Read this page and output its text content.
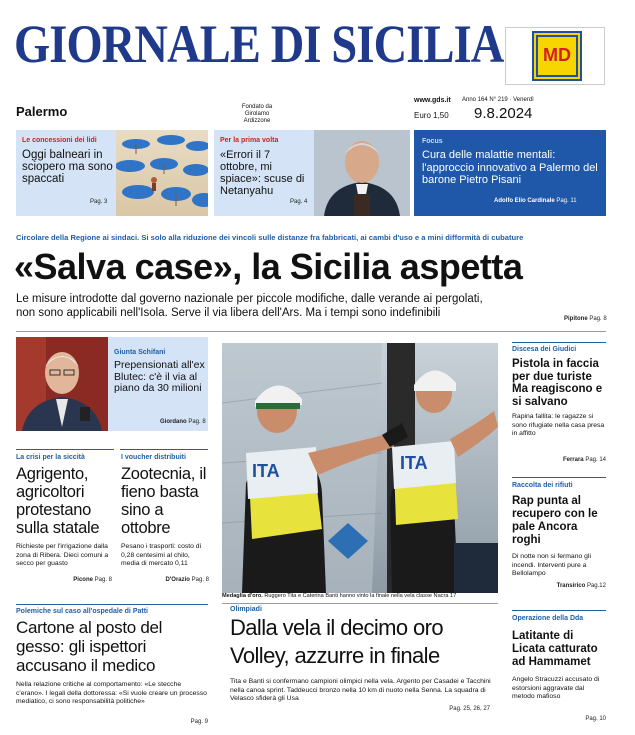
GIORNALE DI SICILIA	MD
Palermo	Fondato da
Girolamo Ardizzone
www.gds.it
Euro 1,50
Anno 164 N° 219 · Venerdì
9.8.2024
Le concessioni dei lidi
Oggi balneari in sciopero ma sono spaccati
Pag. 3
Per la prima volta
«Errori il 7 ottobre, mi spiace»: scuse di Netanyahu
Pag. 4
Focus
Cura delle malattie mentali: l'approccio innovativo a Palermo del barone Pietro Pisani
Adolfo Elio Cardinale Pag. 11
Circolare della Regione ai sindaci. Si solo alla riduzione dei vincoli sulle distanze fra fabbricati, ai cambi d'uso e a mini difformità di cubature
«Salva case», la Sicilia aspetta
Le misure introdotte dal governo nazionale per piccole modifiche, dalle verande ai pergolati,
non sono applicabili nell'Isola. Serve il via libera dell'Ars. Ma i tempi sono indefinibili	Pipitone Pag. 8
Giunta Schifani
Prepensionati all'ex Blutec: c'è il via al piano da 30 milioni
Giordano Pag. 8
La crisi per la siccità
Agrigento, agricoltori protestano sulla statale
Richieste per l'irrigazione dalla zona di Ribera. Dieci comuni a secco per guasto
Picone Pag. 8
I voucher distribuiti
Zootecnia, il fieno basta sino a ottobre
Pesano i trasporti: costo di 0,28 centesimi al chilo, media di mercato 0,11
D'Orazio Pag. 8
Polemiche sul caso all'ospedale di Patti
Cartone al posto del gesso: gli ispettori accusano il medico
Nella relazione critiche al comportamento: «Le stecche c'erano». I legali della dottoressa: «Si vuole creare un processo mediatico, ci sono responsabilità politiche»
Pag. 9
ITA	ITA
Medaglia d'oro. Ruggero Tita e Caterina Banti hanno vinto la finale nella vela classe Nacra 17
Olimpiadi
Dalla vela il decimo oro
Volley, azzurre in finale
Tita e Banti si confermano campioni olimpici nella vela. Argento per Casadei e Tacchini nella canoa sprint. Taddeucci bronzo nella 10 km di nuoto nella Senna. La squadra di Velasco sfiderà gli Usa
Pag. 25, 26, 27
Discesa dei Giudici
Pistola in faccia per due turiste Ma reagiscono e si salvano
Rapina fallita: le ragazze si sono rifugiate nella casa presa in affitto
Ferrara Pag. 14
Raccolta dei rifiuti
Rap punta al recupero con le pale Ancora roghi
Di notte non si fermano gli incendi. Interventi pure a Bellolampo
Transirico Pag.12
Operazione della Dda
Latitante di Licata catturato ad Hammamet
Angelo Stracuzzi accusato di estorsioni aggravate dal metodo mafioso
Pag. 10
